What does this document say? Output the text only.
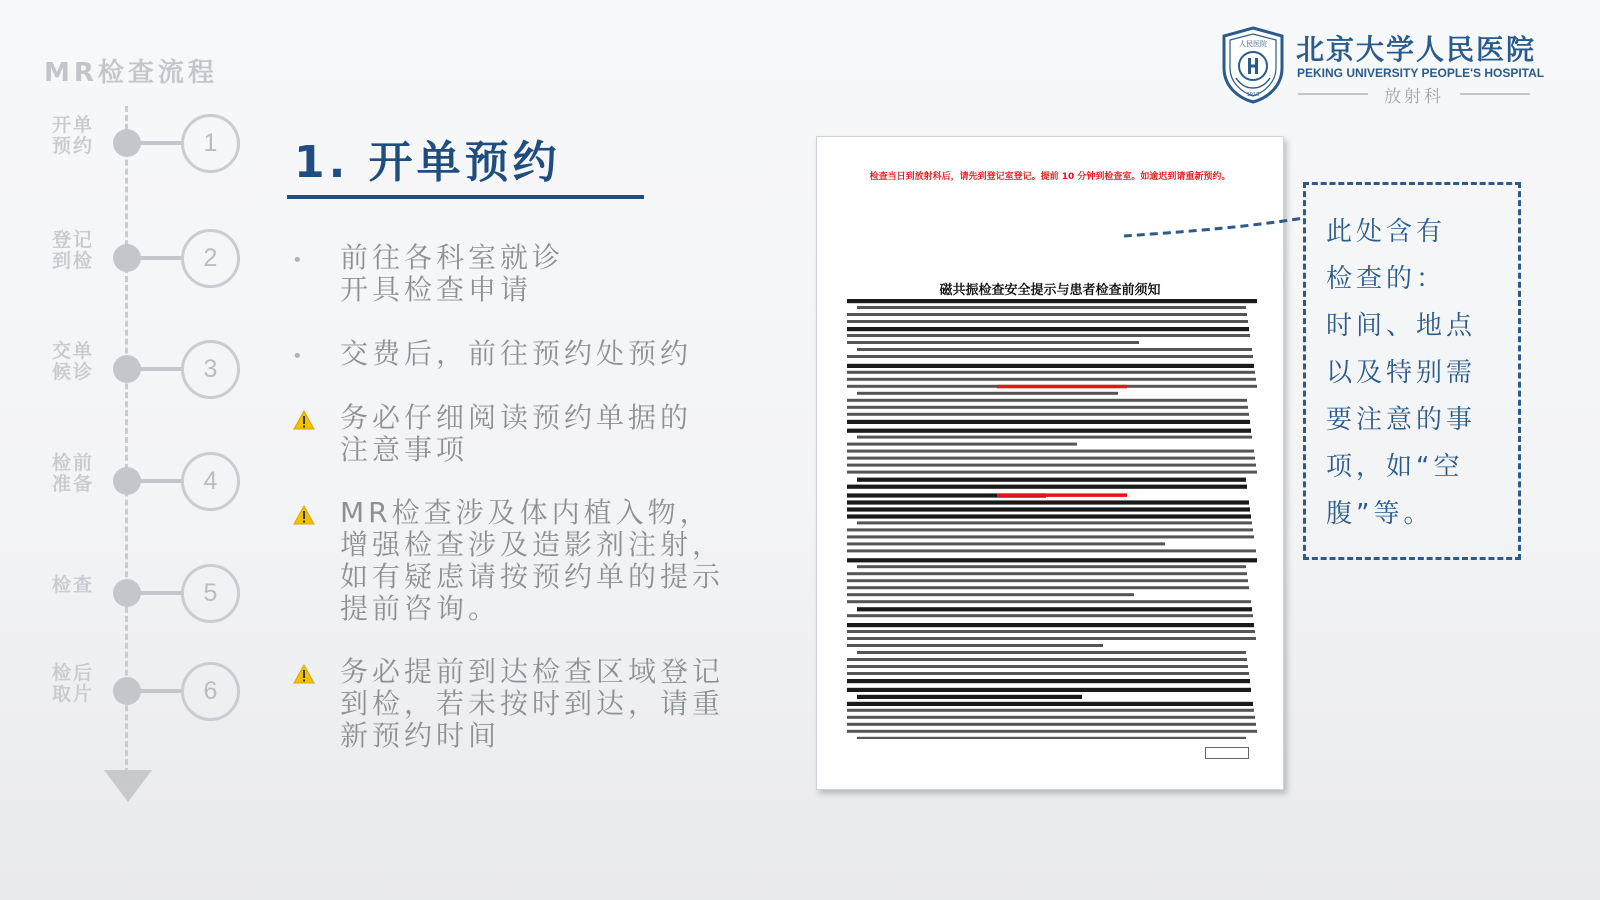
MR检查流程
开单
预约	1
登记
到检	2
交单
候诊	3
检前
准备	4
检查	5
检后
取片	6
1. 开单预约
• 前往各科室就诊
开具检查申请
• 交费后，前往预约处预约
务必仔细阅读预约单据的
注意事项
MR检查涉及体内植入物，
增强检查涉及造影剂注射，
如有疑虑请按预约单的提示
提前咨询。
务必提前到达检查区域登记
到检，若未按时到达，请重
新预约时间
检查当日到放射科后，请先到登记室登记。提前 10 分钟到检查室。如逾迟到请重新预约。
磁共振检查安全提示与患者检查前须知
此处含有
检查的：
时间、地点
以及特别需
要注意的事
项，如“空
腹”等。
人民医院
1918
北京大学人民医院
PEKING UNIVERSITY PEOPLE'S HOSPITAL
放射科
